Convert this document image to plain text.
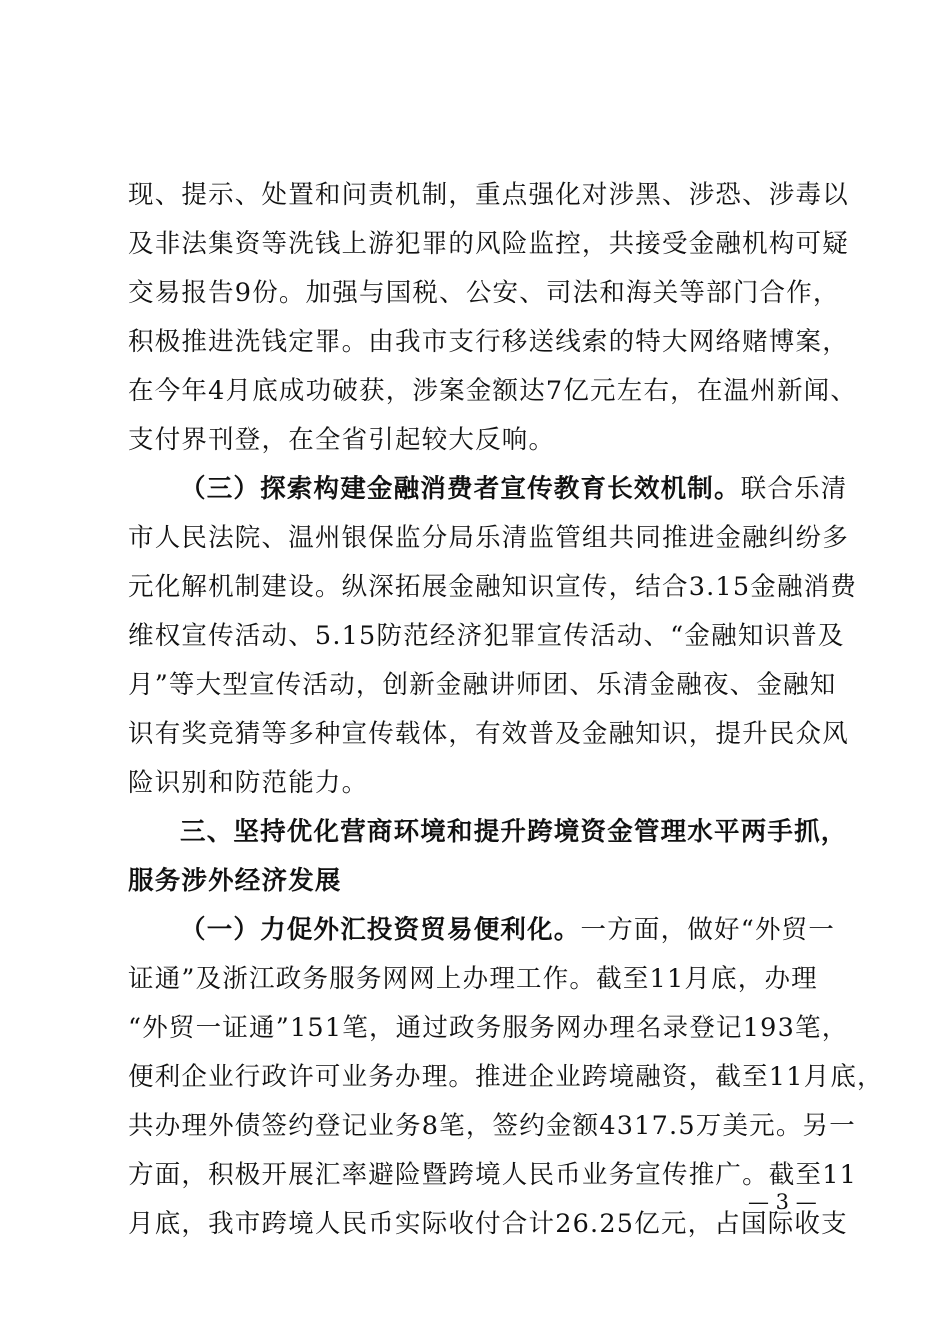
现、提示、处置和问责机制，重点强化对涉黑、涉恐、涉毒以
及非法集资等洗钱上游犯罪的风险监控，共接受金融机构可疑
交易报告9份。加强与国税、公安、司法和海关等部门合作，
积极推进洗钱定罪。由我市支行移送线索的特大网络赌博案，
在今年4月底成功破获，涉案金额达7亿元左右，在温州新闻、
支付界刊登，在全省引起较大反响。
（三）探索构建金融消费者宣传教育长效机制。联合乐清
市人民法院、温州银保监分局乐清监管组共同推进金融纠纷多
元化解机制建设。纵深拓展金融知识宣传，结合3.15金融消费
维权宣传活动、5.15防范经济犯罪宣传活动、“金融知识普及
月”等大型宣传活动，创新金融讲师团、乐清金融夜、金融知
识有奖竞猜等多种宣传载体，有效普及金融知识，提升民众风
险识别和防范能力。
三、坚持优化营商环境和提升跨境资金管理水平两手抓，
服务涉外经济发展
（一）力促外汇投资贸易便利化。一方面，做好“外贸一
证通”及浙江政务服务网网上办理工作。截至11月底，办理
“外贸一证通”151笔，通过政务服务网办理名录登记193笔，
便利企业行政许可业务办理。推进企业跨境融资，截至11月底，
共办理外债签约登记业务8笔，签约金额4317.5万美元。另一
方面，积极开展汇率避险暨跨境人民币业务宣传推广。截至11
月底，我市跨境人民币实际收付合计26.25亿元，占国际收支
— 3 —
